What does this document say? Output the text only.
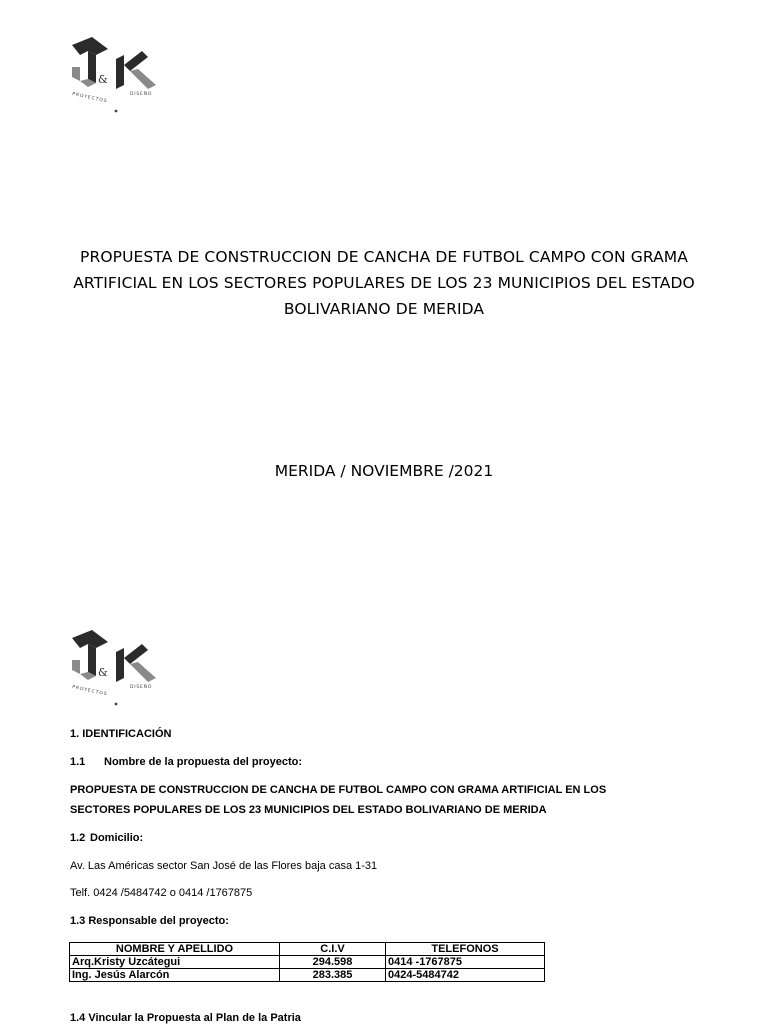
&
PROYECTOS	DISEÑO
PROPUESTA DE CONSTRUCCION DE CANCHA DE FUTBOL CAMPO CON GRAMA
ARTIFICIAL EN LOS SECTORES POPULARES DE LOS 23 MUNICIPIOS DEL ESTADO
BOLIVARIANO DE MERIDA
MERIDA / NOVIEMBRE /2021
&
PROYECTOS	DISEÑO
1. IDENTIFICACIÓN
1.1 Nombre de la propuesta del proyecto:
PROPUESTA DE CONSTRUCCION DE CANCHA DE FUTBOL CAMPO CON GRAMA ARTIFICIAL EN LOS
SECTORES POPULARES DE LOS 23 MUNICIPIOS DEL ESTADO BOLIVARIANO DE MERIDA
1.2 Domicilio:
Av. Las Américas sector San José de las Flores baja casa 1-31
Telf. 0424 /5484742 o 0414 /1767875
1.3 Responsable del proyecto:
NOMBRE Y APELLIDO	C.I.V	TELEFONOS
Arq.Kristy Uzcátegui	294.598	0414 -1767875
Ing. Jesús Alarcón	283.385	0424-5484742
1.4 Vincular la Propuesta al Plan de la Patria
